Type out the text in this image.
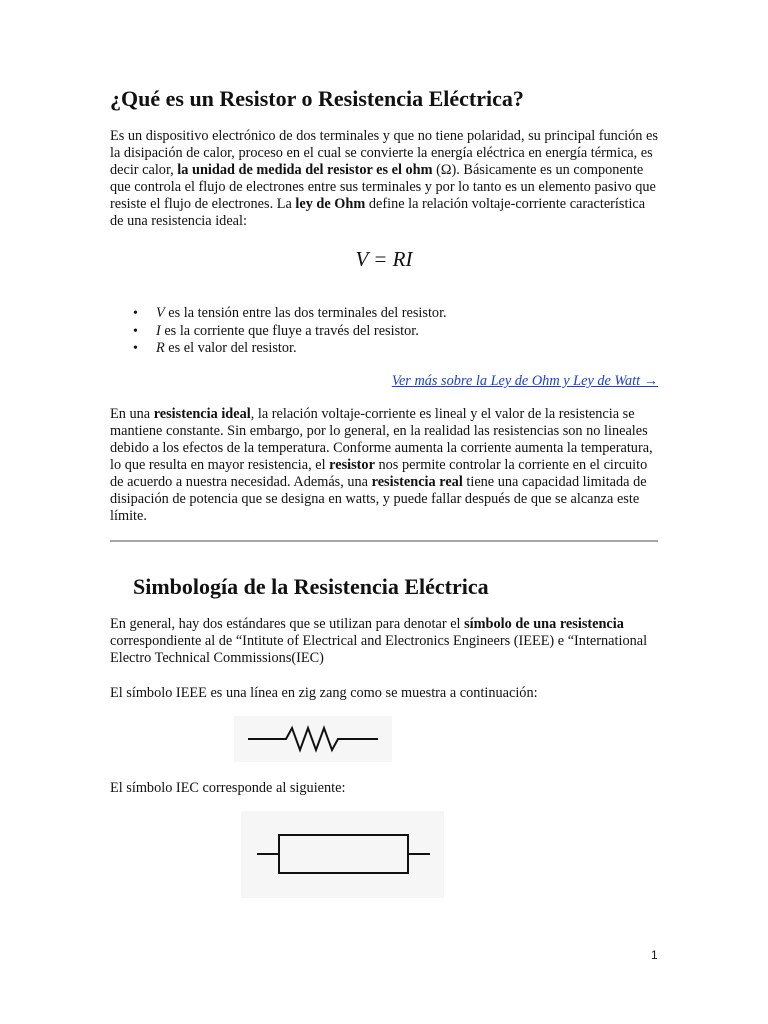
¿Qué es un Resistor o Resistencia Eléctrica?

Es un dispositivo electrónico de dos terminales y que no tiene polaridad, su principal función es la disipación de calor, proceso en el cual se convierte la energía eléctrica en energía térmica, es decir calor, la unidad de medida del resistor es el ohm (Ω). Básicamente es un componente que controla el flujo de electrones entre sus terminales y por lo tanto es un elemento pasivo que resiste el flujo de electrones. La ley de Ohm define la relación voltaje-corriente característica de una resistencia ideal:

V = RI
• V es la tensión entre las dos terminales del resistor.
• I es la corriente que fluye a través del resistor.
• R es el valor del resistor.
Ver más sobre la Ley de Ohm y Ley de Watt →

En una resistencia ideal, la relación voltaje-corriente es lineal y el valor de la resistencia se mantiene constante. Sin embargo, por lo general, en la realidad las resistencias son no lineales debido a los efectos de la temperatura. Conforme aumenta la corriente aumenta la temperatura, lo que resulta en mayor resistencia, el resistor nos permite controlar la corriente en el circuito de acuerdo a nuestra necesidad. Además, una resistencia real tiene una capacidad limitada de disipación de potencia que se designa en watts, y puede fallar después de que se alcanza este límite.

Simbología de la Resistencia Eléctrica

En general, hay dos estándares que se utilizan para denotar el símbolo de una resistencia correspondiente al de “Intitute of Electrical and Electronics Engineers (IEEE) e “International Electro Technical Commissions(IEC)

El símbolo IEEE es una línea en zig zang como se muestra a continuación:

El símbolo IEC corresponde al siguiente:

1
